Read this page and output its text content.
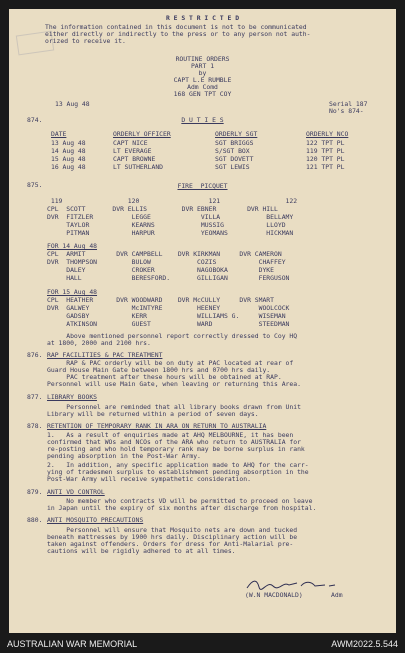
R E S T R I C T E D
The information contained in this document is not to be communicated
either directly or indirectly to the press or to any person not auth-
orized to receive it.
ROUTINE ORDERS
PART 1
by
CAPT L.E RUMBLE
Adm Comd
168 GEN TPT COY
13 Aug 48	Serial 187
No's 874-
874.	D U T I E S
DATE	ORDERLY OFFICER	ORDERLY SGT	ORDERLY NCO
13 Aug 48	CAPT NICE	SGT BRIGGS	122 TPT PL
14 Aug 48	LT EVERAGE	S/SGT BOX	119 TPT PL
15 Aug 48	CAPT BROWNE	SGT DOVETT	120 TPT PL
16 Aug 48	LT SUTHERLAND	SGT LEWIS	121 TPT PL
875.	FIRE  PICQUET
119                 120                  121                 122
CPL  SCOTT       DVR ELLIS         DVR EBNER        DVR HILL
DVR  FITZLER          LEGGE             VILLA            BELLAMY
TAYLOR           KEARNS            MUSSIG           LLOYD
PITMAN           HARPUR            YEOMANS          HICKMAN
FOR 14 Aug 48
CPL  ARMIT        DVR CAMPBELL    DVR KIRKMAN     DVR CAMERON
DVR  THOMPSON         BULOW            COZIS           CHAFFEY
DALEY            CROKER           NAGOBOKA        DYKE
HALL             BERESFORD.       GILLIGAN        FERGUSON
FOR 15 Aug 48
CPL  HEATHER      DVR WOODWARD    DVR McCULLY     DVR SMART
DVR  GALWEY           McINTYRE         HEENEY          WOOLCOCK
GADSBY           KERR             WILLIAMS G.     WISEMAN
ATKINSON         GUEST            WARD            STEEDMAN
Above mentioned personnel report correctly dressed to Coy HQ
at 1800, 2000 and 2100 hrs.
876. RAP FACILITIES & PAC TREATMENT
RAP & PAC orderly will be on duty at PAC located at rear of
Guard House Main Gate between 1800 hrs and 0700 hrs daily.
PAC treatment after these hours will be obtained at RAP.
Personnel will use Main Gate, when leaving or returning this Area.
877. LIBRARY BOOKS
Personnel are reminded that all library books drawn from Unit
Library will be returned within a period of seven days.
878. RETENTION OF TEMPORARY RANK IN ARA ON RETURN TO AUSTRALIA
1.   As a result of enquiries made at AHQ MELBOURNE, it has been
confirmed that WOs and NCOs of the ARA who return to AUSTRALIA for
re-posting and who hold temporary rank may be borne surplus in rank
pending absorption in the Post-War Army.
2.   In addition, any specific application made to AHQ for the carr-
ying of tradesmen surplus to establishment pending absorption in the
Post-War Army will receive sympathetic consideration.
879. ANTI VD CONTROL
No member who contracts VD will be permitted to proceed on leave
in Japan until the expiry of six months after discharge from hospital.
880. ANTI MOSQUITO PRECAUTIONS
Personnel will ensure that Mosquito nets are down and tucked
beneath mattresses by 1900 hrs daily. Disciplinary action will be
taken against offenders. Orders for dress for Anti-Malarial pre-
cautions will be rigidly adhered to at all times.
(W.N MACDONALD)	Adm
AUSTRALIAN WAR MEMORIAL	AWM2022.5.544
